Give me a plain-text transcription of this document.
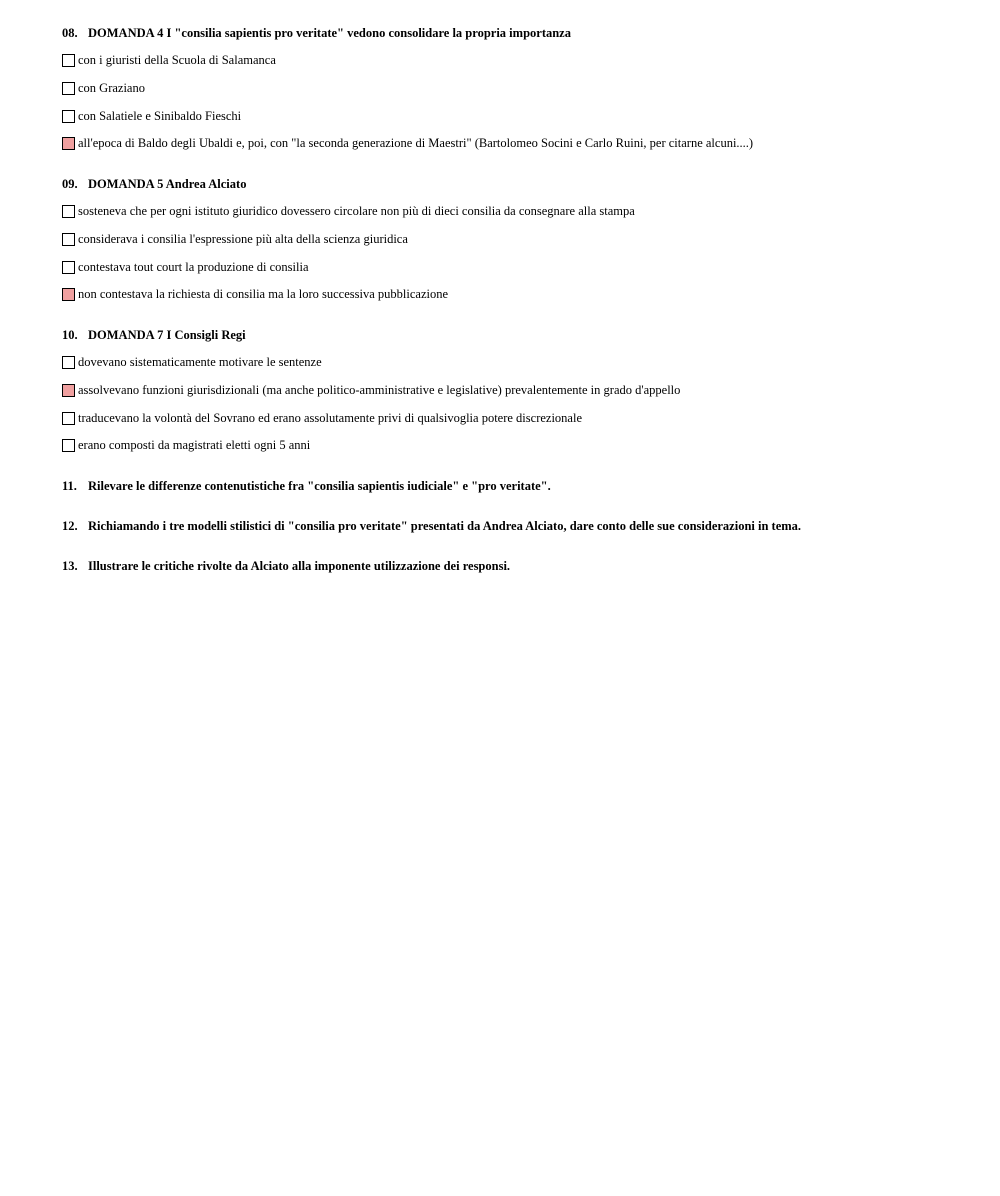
08. DOMANDA 4 I "consilia sapientis pro veritate" vedono consolidare la propria importanza
con i giuristi della Scuola di Salamanca
con Graziano
con Salatiele e Sinibaldo Fieschi
all'epoca di Baldo degli Ubaldi e, poi, con "la seconda generazione di Maestri" (Bartolomeo Socini e Carlo Ruini, per citarne alcuni....)
09. DOMANDA 5 Andrea Alciato
sosteneva che per ogni istituto giuridico dovessero circolare non più di dieci consilia da consegnare alla stampa
considerava i consilia l'espressione più alta della scienza giuridica
contestava tout court la produzione di consilia
non contestava la richiesta di consilia ma la loro successiva pubblicazione
10. DOMANDA 7 I Consigli Regi
dovevano sistematicamente motivare le sentenze
assolvevano funzioni giurisdizionali (ma anche politico-amministrative e legislative) prevalentemente in grado d'appello
traducevano la volontà del Sovrano ed erano assolutamente privi di qualsivoglia potere discrezionale
erano composti da magistrati eletti ogni 5 anni
11. Rilevare le differenze contenutistiche fra "consilia sapientis iudiciale" e "pro veritate".
12. Richiamando i tre modelli stilistici di "consilia pro veritate" presentati da Andrea Alciato, dare conto delle sue considerazioni in tema.
13. Illustrare le critiche rivolte da Alciato alla imponente utilizzazione dei responsi.
